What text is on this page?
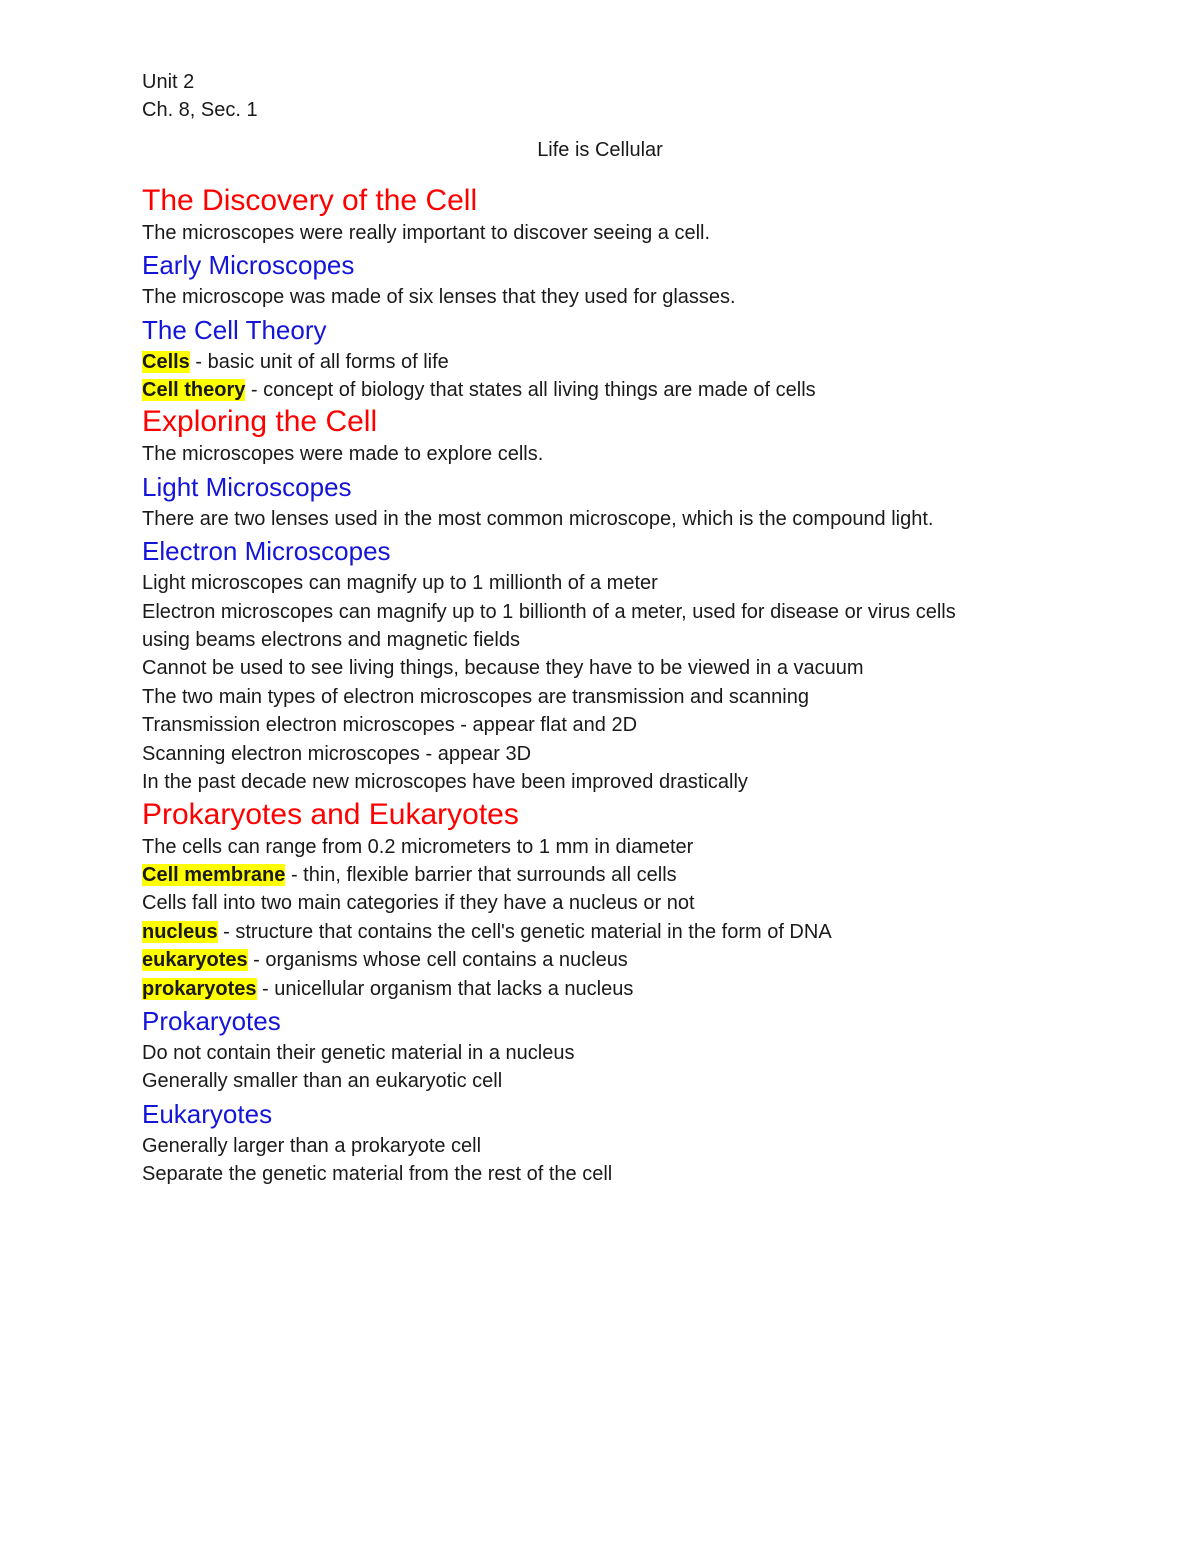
Unit 2

Ch. 8, Sec. 1

Life is Cellular

The Discovery of the Cell

The microscopes were really important to discover seeing a cell.

Early Microscopes

The microscope was made of six lenses that they used for glasses.

The Cell Theory

Cells - basic unit of all forms of life

Cell theory - concept of biology that states all living things are made of cells

Exploring the Cell

The microscopes were made to explore cells.

Light Microscopes

There are two lenses used in the most common microscope, which is the compound light.

Electron Microscopes

Light microscopes can magnify up to 1 millionth of a meter

Electron microscopes can magnify up to 1 billionth of a meter, used for disease or virus cells

using beams electrons and magnetic fields

Cannot be used to see living things, because they have to be viewed in a vacuum

The two main types of electron microscopes are transmission and scanning

Transmission electron microscopes - appear flat and 2D

Scanning electron microscopes - appear 3D

In the past decade new microscopes have been improved drastically

Prokaryotes and Eukaryotes

The cells can range from 0.2 micrometers to 1 mm in diameter

Cell membrane - thin, flexible barrier that surrounds all cells

Cells fall into two main categories if they have a nucleus or not

nucleus - structure that contains the cell's genetic material in the form of DNA

eukaryotes - organisms whose cell contains a nucleus

prokaryotes - unicellular organism that lacks a nucleus

Prokaryotes

Do not contain their genetic material in a nucleus

Generally smaller than an eukaryotic cell

Eukaryotes

Generally larger than a prokaryote cell

Separate the genetic material from the rest of the cell
